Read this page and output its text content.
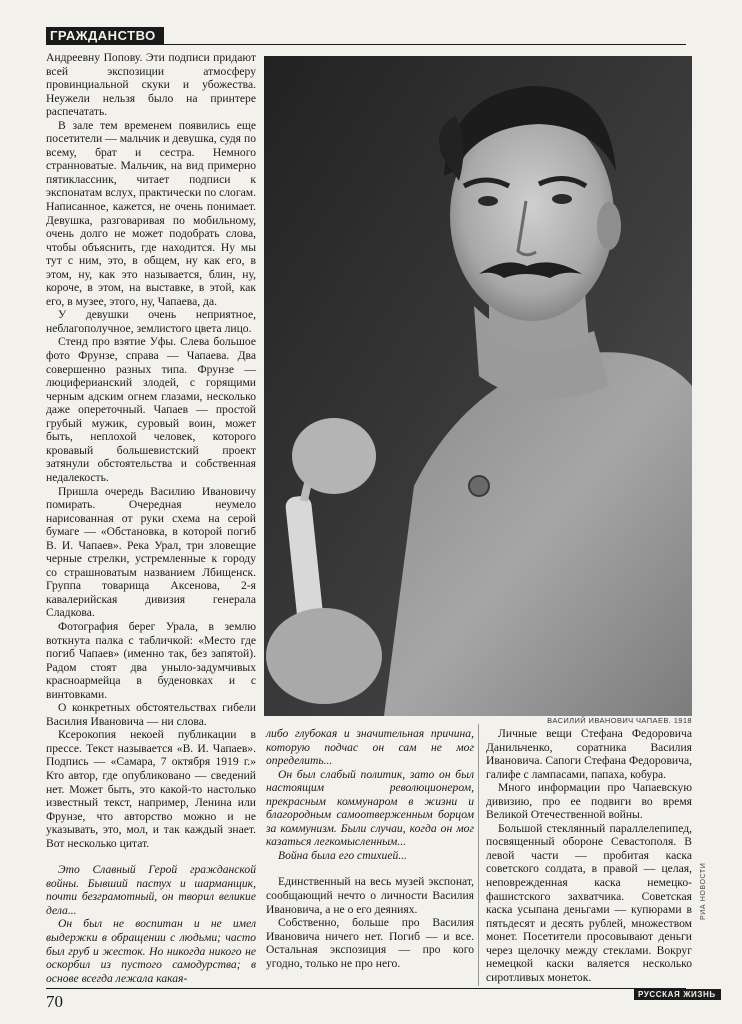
ГРАЖДАНСТВО

Андреевну Попову. Эти подписи придают всей экспозиции атмосферу провинциальной скуки и убожества. Неужели нельзя было на принтере распечатать.

В зале тем временем появились еще посетители — мальчик и девушка, судя по всему, брат и сестра. Немного странноватые. Мальчик, на вид примерно пятиклассник, читает подписи к экспонатам вслух, практически по слогам. Написанное, кажется, не очень понимает. Девушка, разговаривая по мобильному, очень долго не может подобрать слова, чтобы объяснить, где находится. Ну мы тут с ним, это, в общем, ну как его, в этом, ну, как это называется, блин, ну, короче, в этом, на выставке, в этой, как его, в музее, этого, ну, Чапаева, да.

У девушки очень неприятное, неблагополучное, землистого цвета лицо.

Стенд про взятие Уфы. Слева большое фото Фрунзе, справа — Чапаева. Два совершенно разных типа. Фрунзе — люциферианский злодей, с горящими черным адским огнем глазами, несколько даже опереточный. Чапаев — простой грубый мужик, суровый воин, может быть, неплохой человек, которого кровавый большевистский проект затянули обстоятельства и собственная недалекость.

Пришла очередь Василию Ивановичу помирать. Очередная неумело нарисованная от руки схема на серой бумаге — «Обстановка, в которой погиб В. И. Чапаев». Река Урал, три зловещие черные стрелки, устремленные к городу со страшноватым названием Лбищенск. Группа товарища Аксенова, 2-я кавалерийская дивизия генерала Сладкова.

Фотография берег Урала, в землю воткнута палка с табличкой: «Место где погиб Чапаев» (именно так, без запятой). Радом стоят два уныло-задумчивых красноармейца в буденовках и с винтовками.

О конкретных обстоятельствах гибели Василия Ивановича — ни слова.

Ксерокопия некоей публикации в прессе. Текст называется «В. И. Чапаев». Подпись — «Самара, 7 октября 1919 г.» Кто автор, где опубликовано — сведений нет. Может быть, это какой-то настолько известный текст, например, Ленина или Фрунзе, что авторство можно и не указывать, это, мол, и так каждый знает. Вот несколько цитат.

Это Славный Герой гражданской войны. Бывший пастух и шарманщик, почти безграмотный, он творил великие дела...

Он был не воспитан и не имел выдержки в обращении с людьми; часто был груб и жесток. Но никогда никого не оскорбил из пустого самодурства; в основе всегда лежала какая-

ВАСИЛИЙ ИВАНОВИЧ ЧАПАЕВ. 1918

либо глубокая и значительная причина, которую подчас он сам не мог определить...

Он был слабый политик, зато он был настоящим революционером, прекрасным коммунаром в жизни и благородным самоотверженным борцом за коммунизм. Были случаи, когда он мог казаться легкомысленным...

Война была его стихией...

Единственный на весь музей экспонат, сообщающий нечто о личности Василия Ивановича, а не о его деяниях.

Собственно, больше про Василия Ивановича ничего нет. Погиб — и все. Остальная экспозиция — про кого угодно, только не про него.

Личные вещи Стефана Федоровича Данильченко, соратника Василия Ивановича. Сапоги Стефана Федоровича, галифе с лампасами, папаха, кобура.

Много информации про Чапаевскую дивизию, про ее подвиги во время Великой Отечественной войны.

Большой стеклянный параллелепипед, посвященный обороне Севастополя. В левой части — пробитая каска советского солдата, в правой — целая, неповрежденная каска немецко-фашистского захватчика. Советская каска усыпана деньгами — купюрами в пятьдесят и десять рублей, множеством монет. Посетители просовывают деньги через щелочку между стеклами. Вокруг немецкой каски валяется несколько сиротливых монеток.

РИА НОВОСТИ
70	РУССКАЯ ЖИЗНЬ
